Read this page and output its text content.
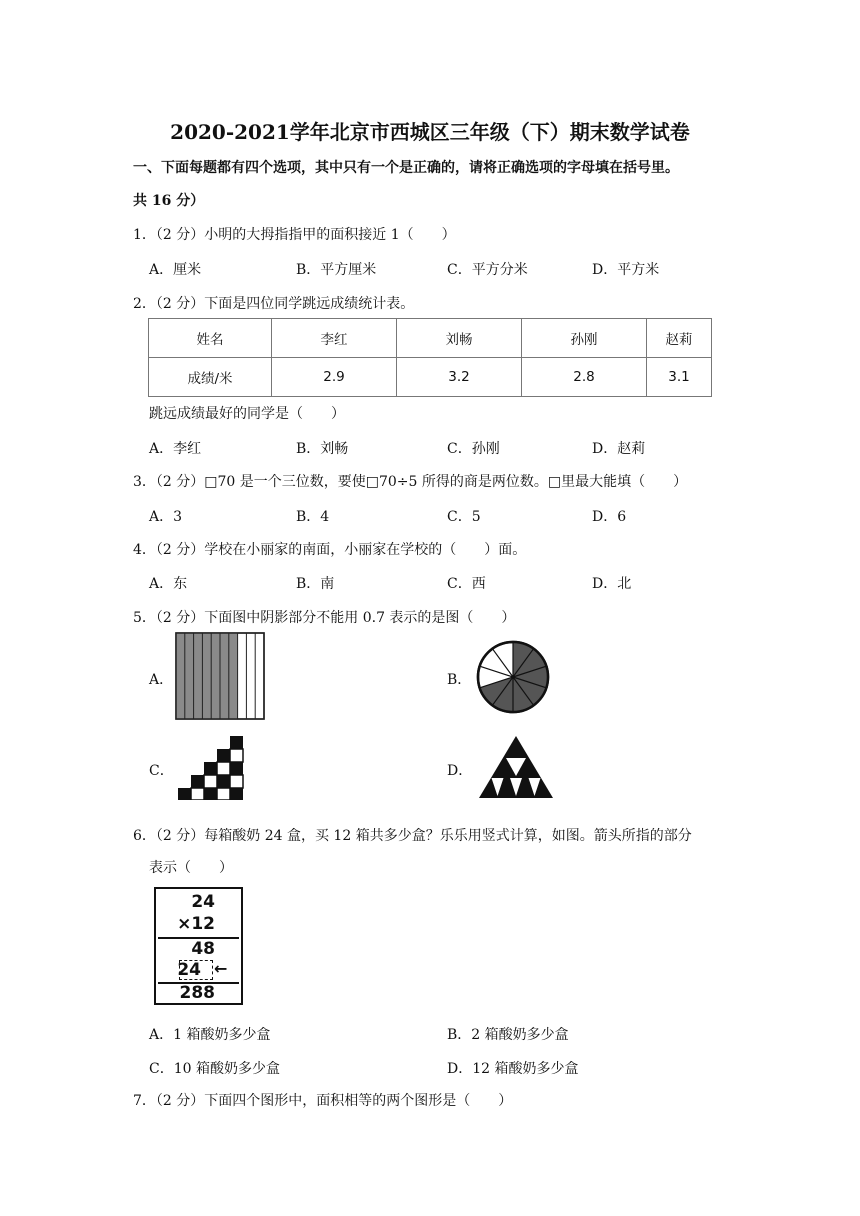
2020-2021学年北京市西城区三年级（下）期末数学试卷
一、下面每题都有四个选项，其中只有一个是正确的，请将正确选项的字母填在括号里。
共 16 分）
1．（2 分）小明的大拇指指甲的面积接近 1（　　）
A．厘米	B．平方厘米	C．平方分米	D．平方米
2．（2 分）下面是四位同学跳远成绩统计表。
姓名	李红	刘畅	孙刚	赵莉
成绩/米	2.9	3.2	2.8	3.1
跳远成绩最好的同学是（　　）
A．李红	B．刘畅	C．孙刚	D．赵莉
3．（2 分）□70 是一个三位数，要使□70÷5 所得的商是两位数。□里最大能填（　　）
A．3	B．4	C．5	D．6
4．（2 分）学校在小丽家的南面，小丽家在学校的（　　）面。
A．东	B．南	C．西	D．北
5．（2 分）下面图中阴影部分不能用 0.7 表示的是图（　　）
A．	B．
C．	D．
6．（2 分）每箱酸奶 24 盒，买 12 箱共多少盒？乐乐用竖式计算，如图。箭头所指的部分
表示（　　）
24
×12
48
24 ←
288
A．1 箱酸奶多少盒	B．2 箱酸奶多少盒
C．10 箱酸奶多少盒	D．12 箱酸奶多少盒
7．（2 分）下面四个图形中，面积相等的两个图形是（　　）
